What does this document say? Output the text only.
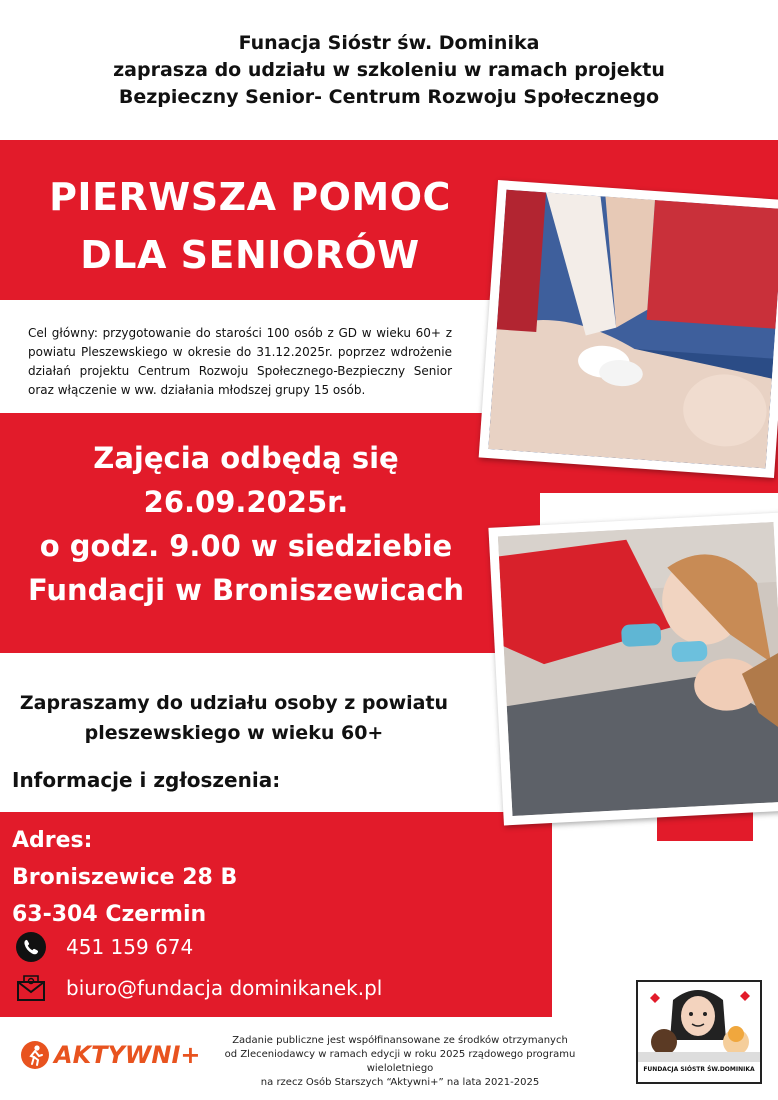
Funacja Sióstr św. Dominika
zaprasza do udziału w szkoleniu w ramach projektu
Bezpieczny Senior- Centrum Rozwoju Społecznego
PIERWSZA POMOC
DLA SENIORÓW
Cel główny: przygotowanie do starości 100 osób z GD w wieku 60+ z powiatu Pleszewskiego w okresie do 31.12.2025r. poprzez wdrożenie działań projektu Centrum Rozwoju Społecznego-Bezpieczny Senior oraz włączenie w ww. działania młodszej grupy 15 osób.
Zajęcia odbędą się
26.09.2025r.
o godz. 9.00 w siedziebie
Fundacji w Broniszewicach
Zapraszamy do udziału osoby z powiatu
pleszewskiego w wieku 60+
Informacje i zgłoszenia:
Adres:
Broniszewice 28 B
63-304 Czermin
451 159 674
biuro@fundacja dominikanek.pl
AKTYWNI+
Zadanie publiczne jest współfinansowane ze środków otrzymanych
od Zleceniodawcy w ramach edycji w roku 2025 rządowego programu wieloletniego
na rzecz Osób Starszych “Aktywni+” na lata 2021-2025
FUNDACJA SIÓSTR ŚW.DOMINIKA
